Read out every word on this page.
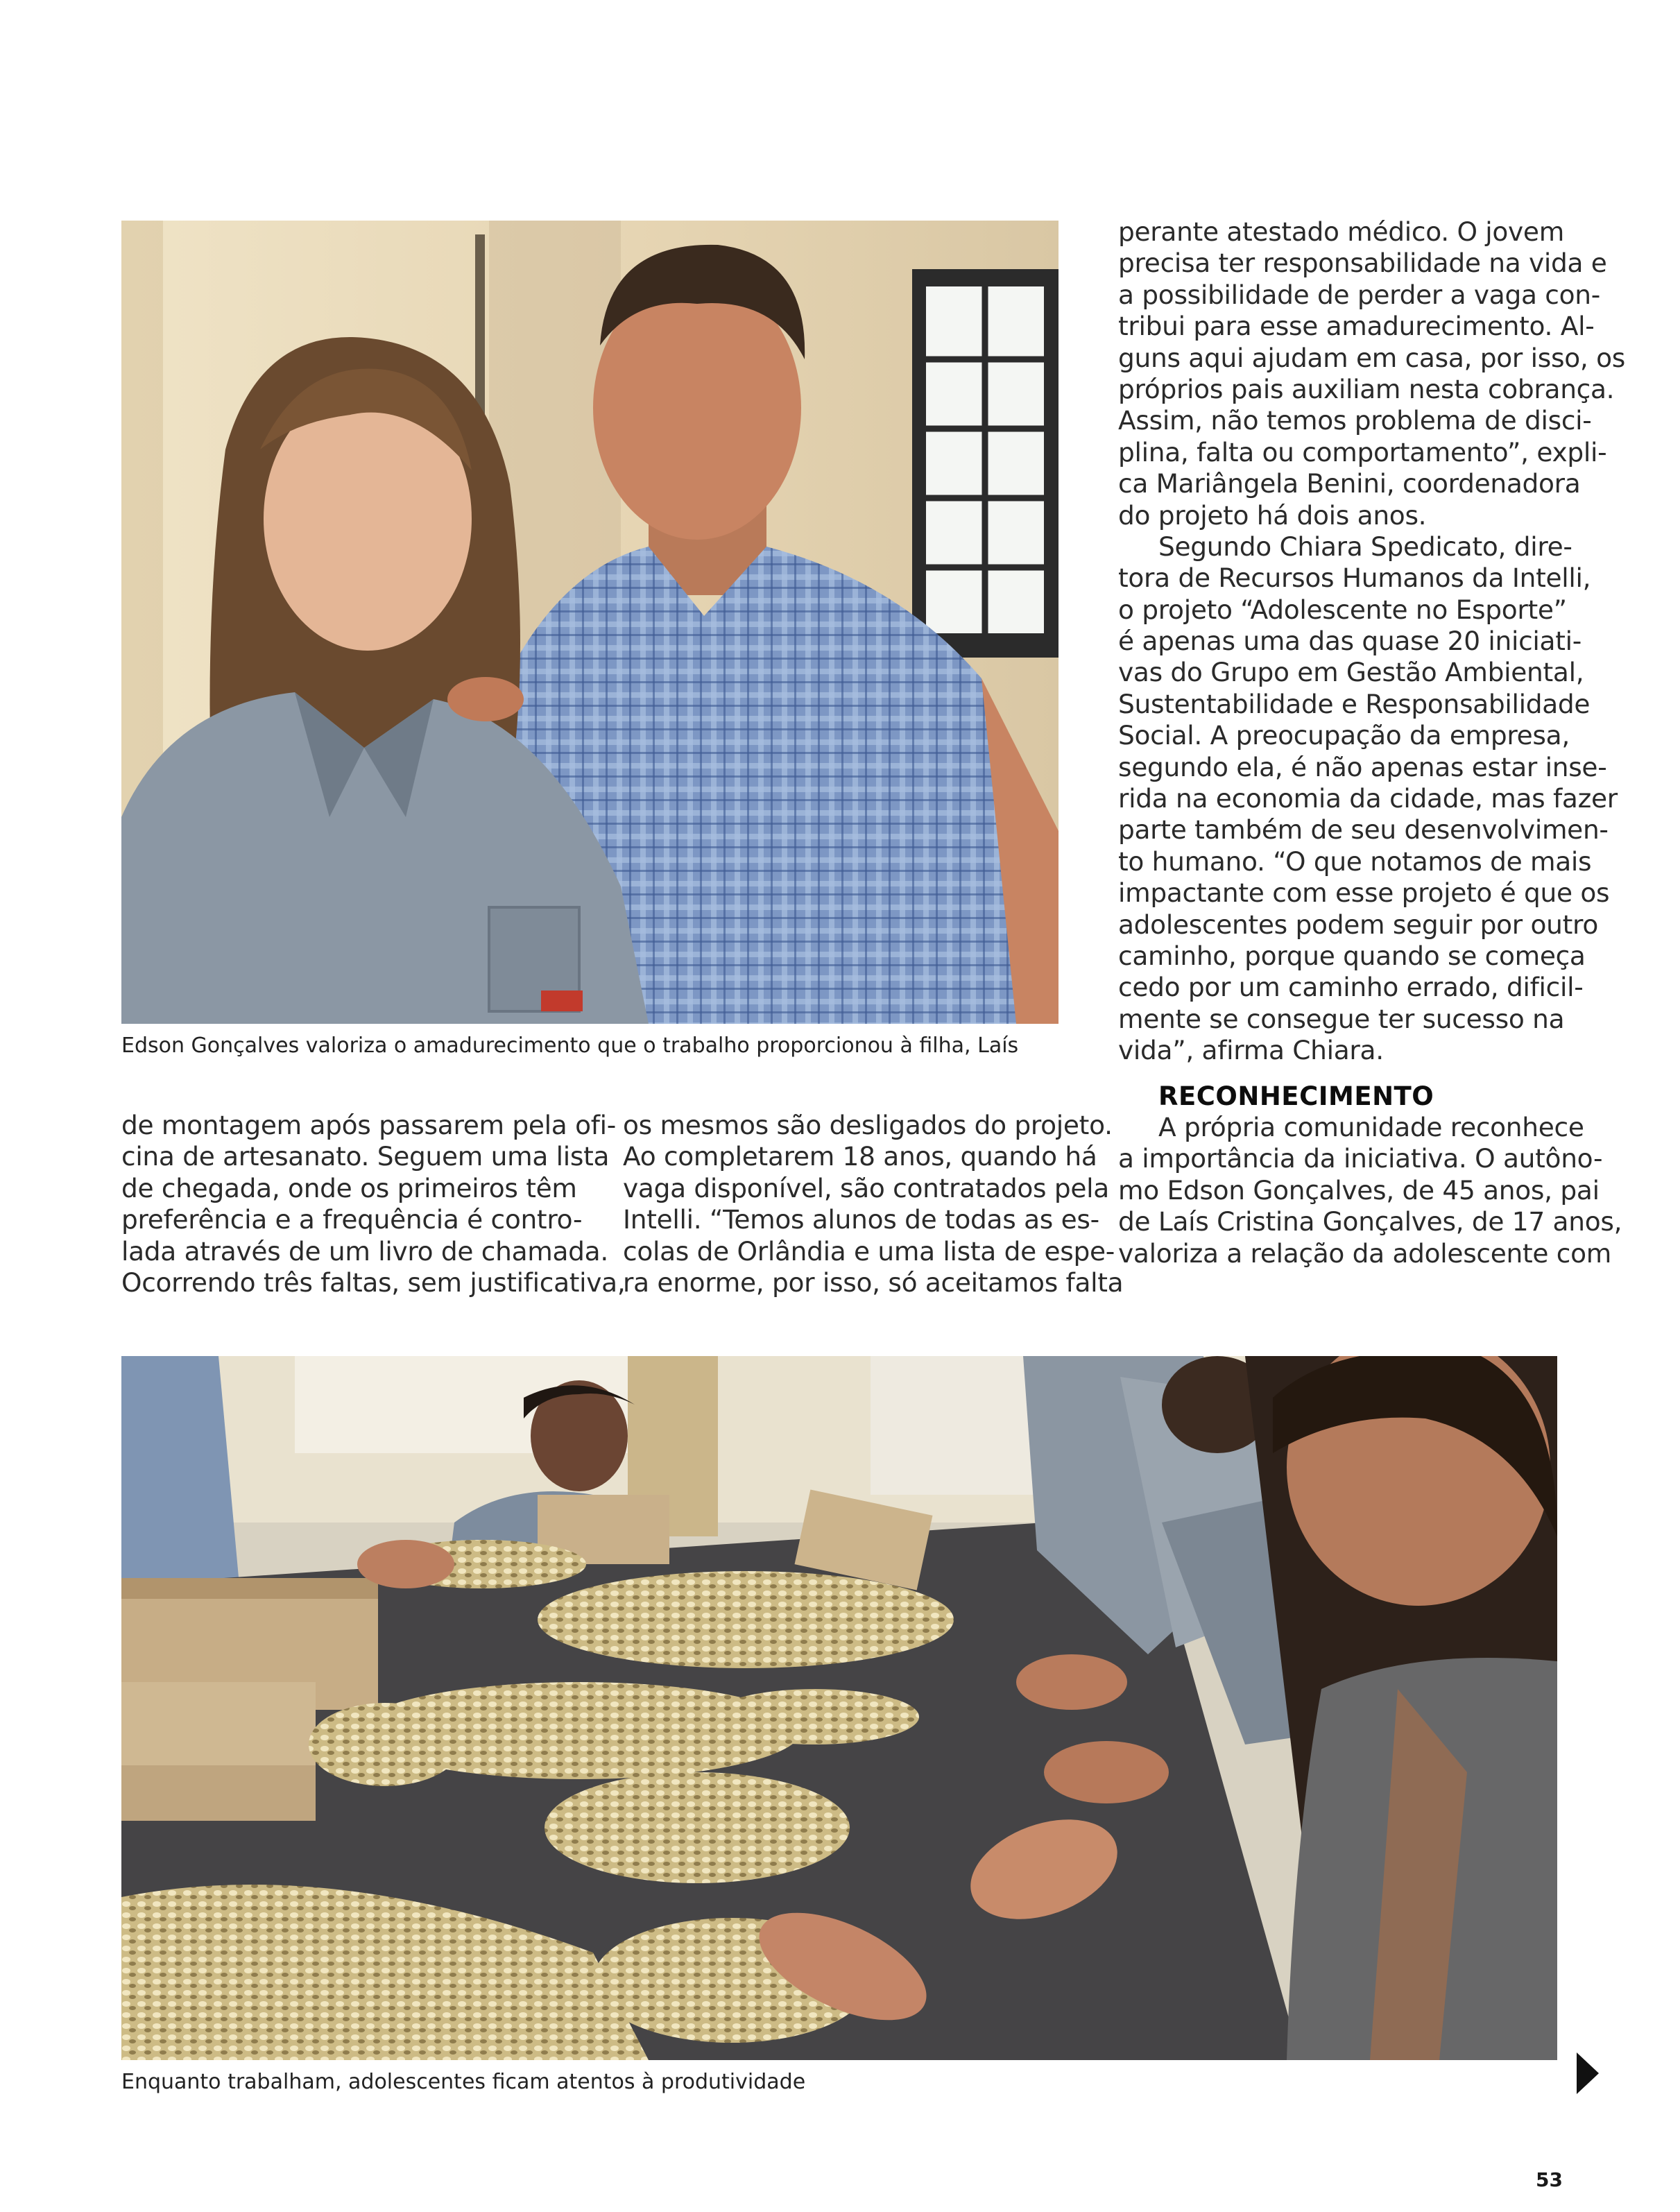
Edson Gonçalves valoriza o amadurecimento que o trabalho proporcionou à filha, Laís
perante atestado médico. O jovem
precisa ter responsabilidade na vida e
a possibilidade de perder a vaga con-
tribui para esse amadurecimento. Al-
guns aqui ajudam em casa, por isso, os
próprios pais auxiliam nesta cobrança.
Assim, não temos problema de disci-
plina, falta ou comportamento”, expli-
ca Mariângela Benini, coordenadora
do projeto há dois anos.
Segundo Chiara Spedicato, dire-
tora de Recursos Humanos da Intelli,
o projeto “Adolescente no Esporte”
é apenas uma das quase 20 iniciati-
vas do Grupo em Gestão Ambiental,
Sustentabilidade e Responsabilidade
Social. A preocupação da empresa,
segundo ela, é não apenas estar inse-
rida na economia da cidade, mas fazer
parte também de seu desenvolvimen-
to humano. “O que notamos de mais
impactante com esse projeto é que os
adolescentes podem seguir por outro
caminho, porque quando se começa
cedo por um caminho errado, dificil-
mente se consegue ter sucesso na
vida”, afirma Chiara.
RECONHECIMENTO
A própria comunidade reconhece
a importância da iniciativa. O autôno-
mo Edson Gonçalves, de 45 anos, pai
de Laís Cristina Gonçalves, de 17 anos,
valoriza a relação da adolescente com
de montagem após passarem pela ofi-
cina de artesanato. Seguem uma lista
de chegada, onde os primeiros têm
preferência e a frequência é contro-
lada através de um livro de chamada.
Ocorrendo três faltas, sem justificativa,
os mesmos são desligados do projeto.
Ao completarem 18 anos, quando há
vaga disponível, são contratados pela
Intelli. “Temos alunos de todas as es-
colas de Orlândia e uma lista de espe-
ra enorme, por isso, só aceitamos falta
Enquanto trabalham, adolescentes ficam atentos à produtividade
53
